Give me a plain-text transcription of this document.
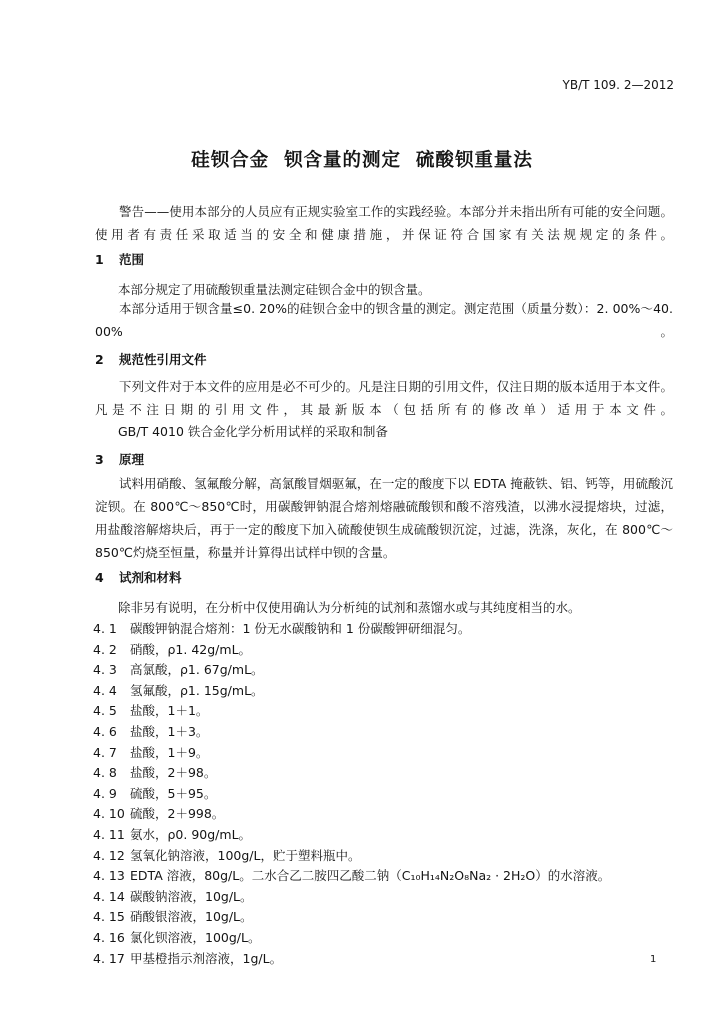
YB/T 109. 2—2012
硅钡合金  钡含量的测定  硫酸钡重量法
警告——使用本部分的人员应有正规实验室工作的实践经验。本部分并未指出所有可能的安全问题。使用者有责任采取适当的安全和健康措施，并保证符合国家有关法规规定的条件。
1 范围
本部分规定了用硫酸钡重量法测定硅钡合金中的钡含量。
本部分适用于钡含量≤0. 20%的硅钡合金中的钡含量的测定。测定范围（质量分数）：2. 00%～40. 00%。
2 规范性引用文件
下列文件对于本文件的应用是必不可少的。凡是注日期的引用文件，仅注日期的版本适用于本文件。凡是不注日期的引用文件，其最新版本（包括所有的修改单）适用于本文件。
GB/T 4010 铁合金化学分析用试样的采取和制备
3 原理
试料用硝酸、氢氟酸分解，高氯酸冒烟驱氟，在一定的酸度下以 EDTA 掩蔽铁、铝、钙等，用硫酸沉淀钡。在 800℃～850℃时，用碳酸钾钠混合熔剂熔融硫酸钡和酸不溶残渣，以沸水浸提熔块，过滤，用盐酸溶解熔块后，再于一定的酸度下加入硫酸使钡生成硫酸钡沉淀，过滤，洗涤，灰化，在 800℃～850℃灼烧至恒量，称量并计算得出试样中钡的含量。
4 试剂和材料
除非另有说明，在分析中仅使用确认为分析纯的试剂和蒸馏水或与其纯度相当的水。
4. 1 碳酸钾钠混合熔剂：1 份无水碳酸钠和 1 份碳酸钾研细混匀。
4. 2 硝酸，ρ1. 42g/mL。
4. 3 高氯酸，ρ1. 67g/mL。
4. 4 氢氟酸，ρ1. 15g/mL。
4. 5 盐酸，1＋1。
4. 6 盐酸，1＋3。
4. 7 盐酸，1＋9。
4. 8 盐酸，2＋98。
4. 9 硫酸，5＋95。
4. 10 硫酸，2＋998。
4. 11 氨水，ρ0. 90g/mL。
4. 12 氢氧化钠溶液，100g/L，贮于塑料瓶中。
4. 13 EDTA 溶液，80g/L。二水合乙二胺四乙酸二钠（C₁₀H₁₄N₂O₈Na₂ · 2H₂O）的水溶液。
4. 14 碳酸钠溶液，10g/L。
4. 15 硝酸银溶液，10g/L。
4. 16 氯化钡溶液，100g/L。
4. 17 甲基橙指示剂溶液，1g/L。	1
